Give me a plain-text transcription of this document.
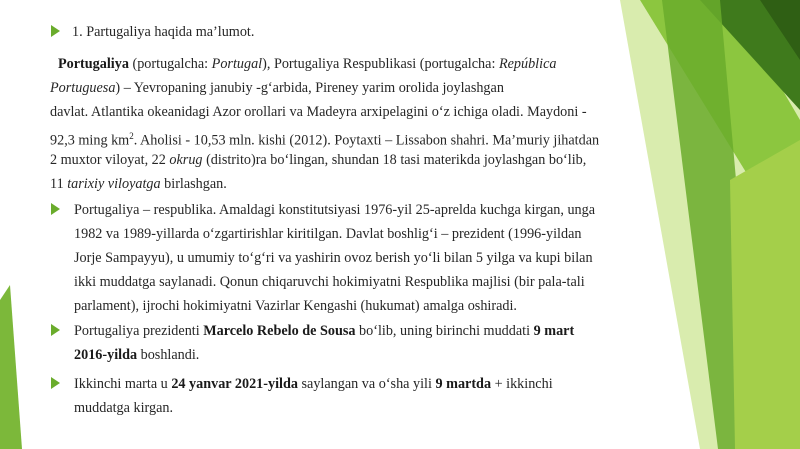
1. Partugaliya haqida ma’lumot.
Portugaliya (portugalcha: Portugal), Portugaliya Respublikasi (portugalcha: República
Portuguesa) – Yevropaning janubiy -g‘arbida, Pireney yarim orolida joylashgan
davlat. Atlantika okeanidagi Azor orollari va Madeyra arxipelagini o‘z ichiga oladi. Maydoni -
92,3 ming $km^2$. Aholisi - 10,53 mln. kishi (2012). Poytaxti – Lissabon shahri. Ma’muriy jihatdan
2 muxtor viloyat, 22 okrug (distrito)ra bo‘lingan, shundan 18 tasi materikda joylashgan bo‘lib,
11 tarixiy viloyatga birlashgan.
Portugaliya – respublika. Amaldagi konstitutsiyasi 1976-yil 25-aprelda kuchga kirgan, unga
1982 va 1989-yillarda o‘zgartirishlar kiritilgan. Davlat boshlig‘i – prezident (1996-yildan
Jorje Sampayyu), u umumiy to‘g‘ri va yashirin ovoz berish yo‘li bilan 5 yilga va kupi bilan
ikki muddatga saylanadi. Qonun chiqaruvchi hokimiyatni Respublika majlisi (bir pala-tali
parlament), ijrochi hokimiyatni Vazirlar Kengashi (hukumat) amalga oshiradi.
Portugaliya prezidenti Marcelo Rebelo de Sousa bo‘lib, uning birinchi muddati 9 mart
2016-yilda boshlandi.
Ikkinchi marta u 24 yanvar 2021-yilda saylangan va o‘sha yili 9 martda + ikkinchi
muddatga kirgan.
